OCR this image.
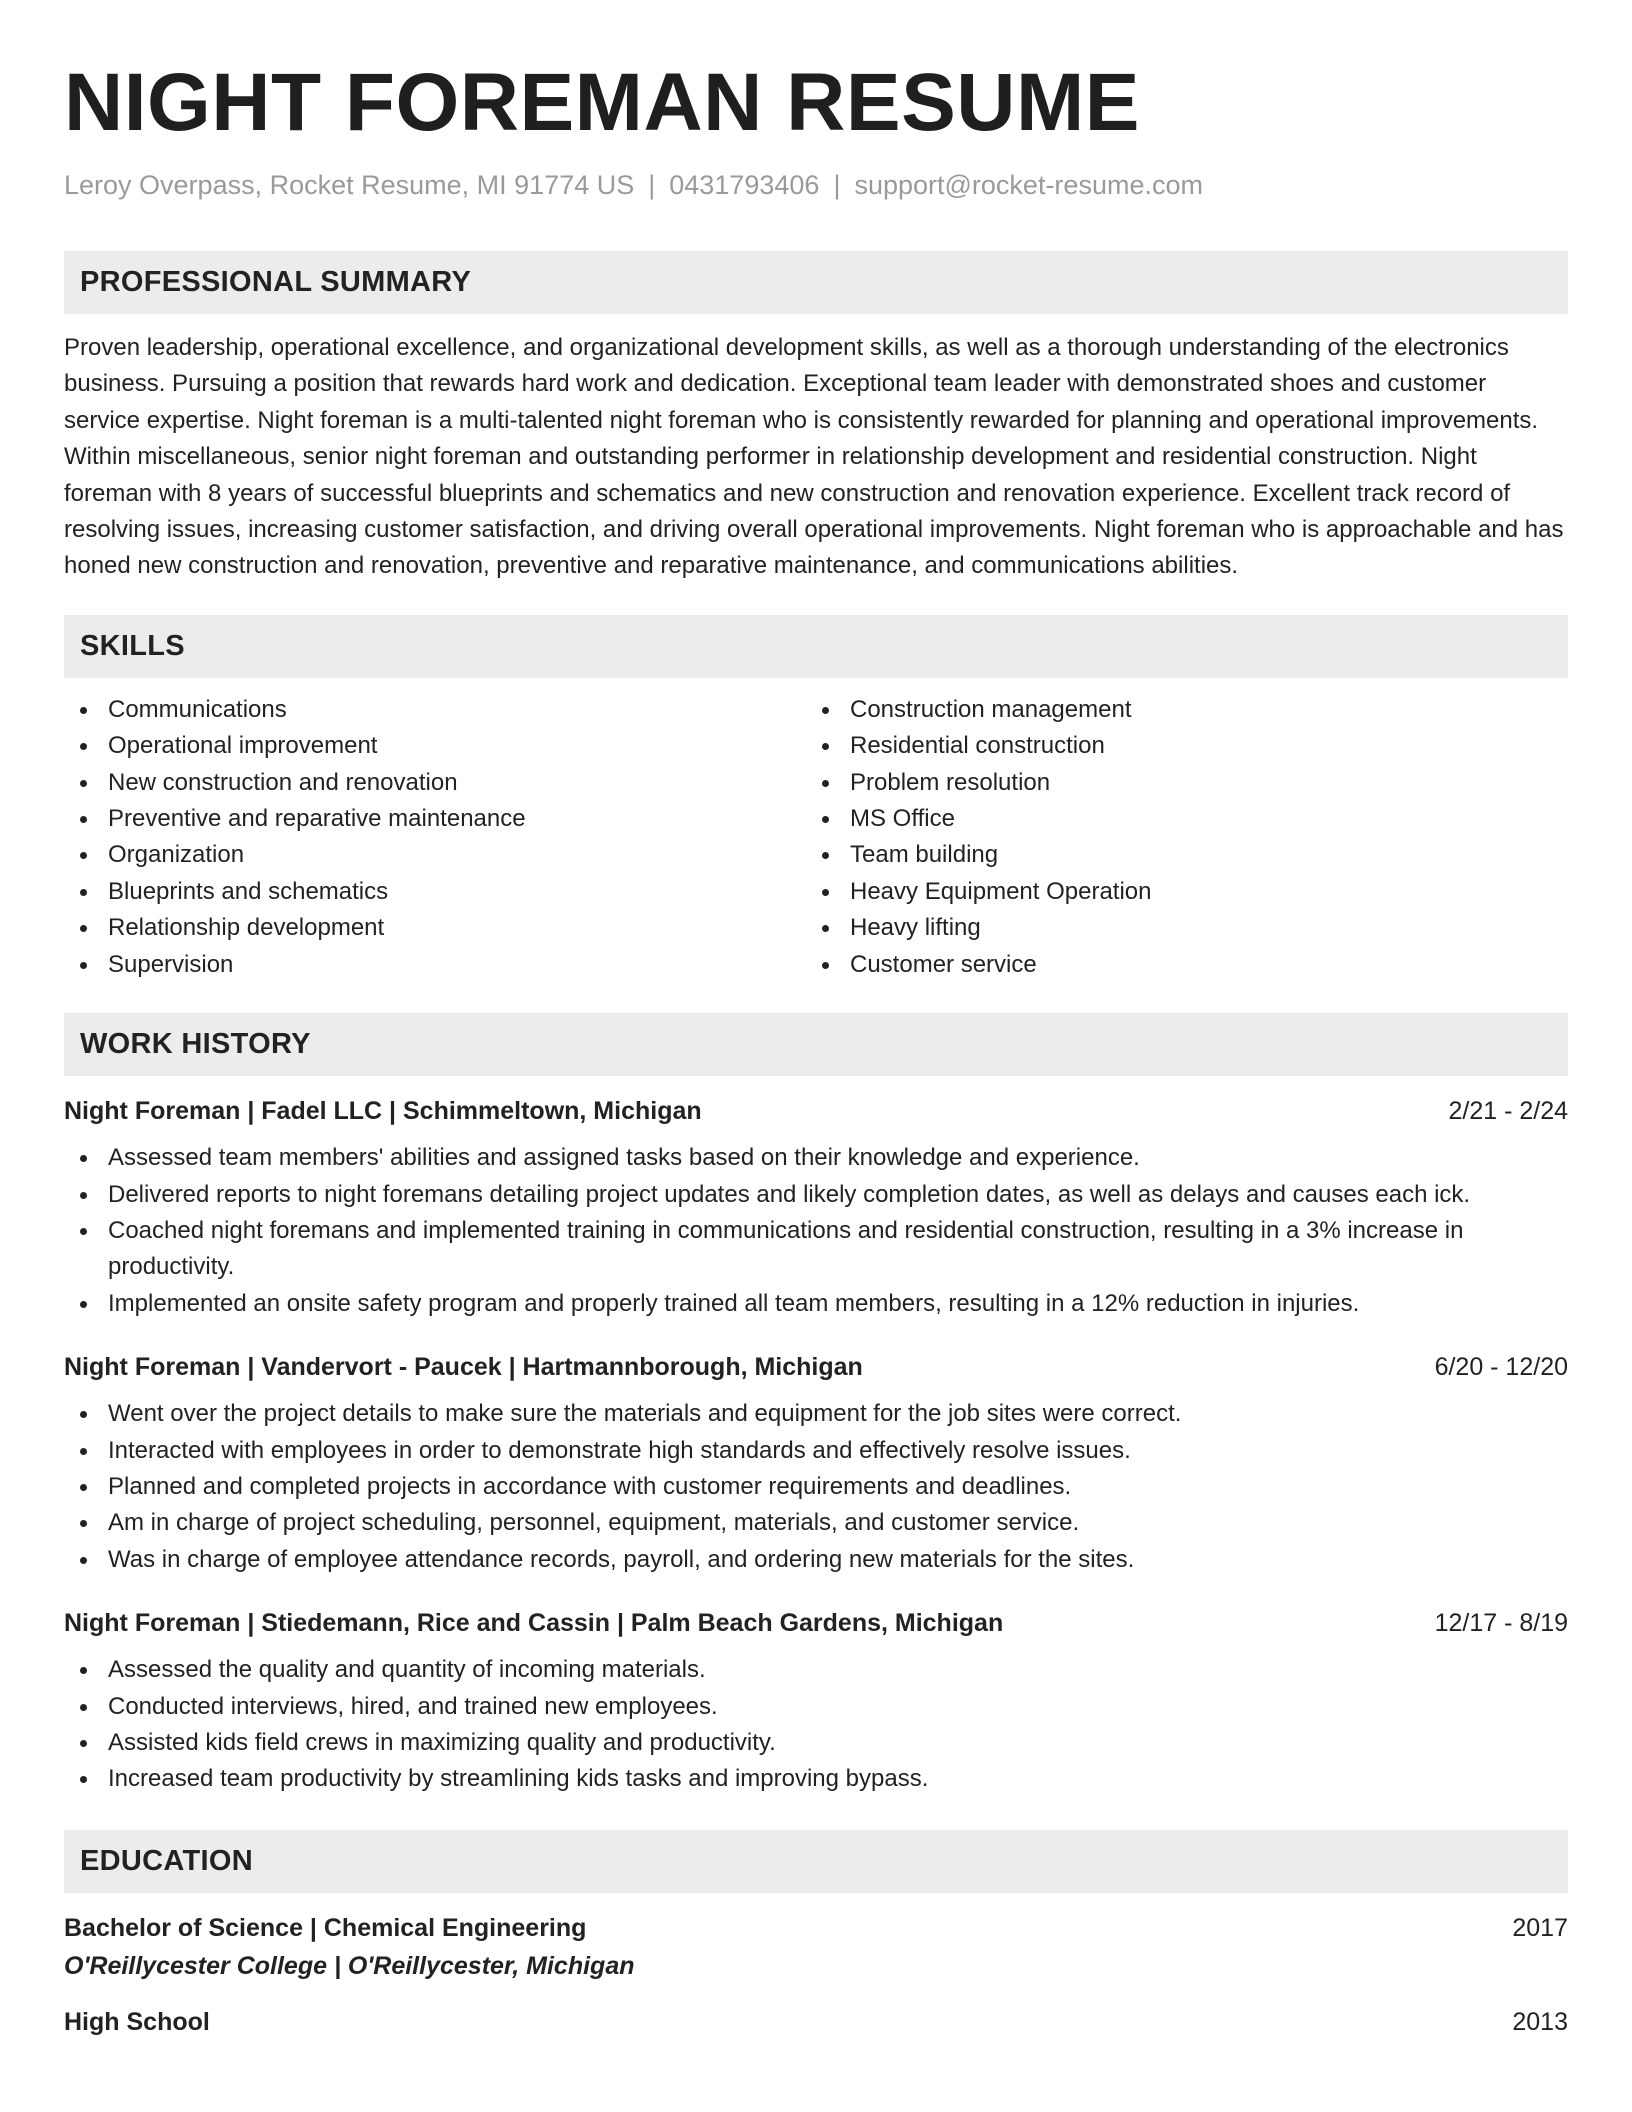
NIGHT FOREMAN RESUME
Leroy Overpass, Rocket Resume, MI 91774 US | 0431793406 | support@rocket-resume.com
PROFESSIONAL SUMMARY
Proven leadership, operational excellence, and organizational development skills, as well as a thorough understanding of the electronics business. Pursuing a position that rewards hard work and dedication. Exceptional team leader with demonstrated shoes and customer service expertise. Night foreman is a multi-talented night foreman who is consistently rewarded for planning and operational improvements. Within miscellaneous, senior night foreman and outstanding performer in relationship development and residential construction. Night foreman with 8 years of successful blueprints and schematics and new construction and renovation experience. Excellent track record of resolving issues, increasing customer satisfaction, and driving overall operational improvements. Night foreman who is approachable and has honed new construction and renovation, preventive and reparative maintenance, and communications abilities.
SKILLS
Communications
Operational improvement
New construction and renovation
Preventive and reparative maintenance
Organization
Blueprints and schematics
Relationship development
Supervision
Construction management
Residential construction
Problem resolution
MS Office
Team building
Heavy Equipment Operation
Heavy lifting
Customer service
WORK HISTORY
Night Foreman | Fadel LLC | Schimmeltown, Michigan	2/21 - 2/24
Assessed team members' abilities and assigned tasks based on their knowledge and experience.
Delivered reports to night foremans detailing project updates and likely completion dates, as well as delays and causes each ick.
Coached night foremans and implemented training in communications and residential construction, resulting in a 3% increase in productivity.
Implemented an onsite safety program and properly trained all team members, resulting in a 12% reduction in injuries.
Night Foreman | Vandervort - Paucek | Hartmannborough, Michigan	6/20 - 12/20
Went over the project details to make sure the materials and equipment for the job sites were correct.
Interacted with employees in order to demonstrate high standards and effectively resolve issues.
Planned and completed projects in accordance with customer requirements and deadlines.
Am in charge of project scheduling, personnel, equipment, materials, and customer service.
Was in charge of employee attendance records, payroll, and ordering new materials for the sites.
Night Foreman | Stiedemann, Rice and Cassin | Palm Beach Gardens, Michigan	12/17 - 8/19
Assessed the quality and quantity of incoming materials.
Conducted interviews, hired, and trained new employees.
Assisted kids field crews in maximizing quality and productivity.
Increased team productivity by streamlining kids tasks and improving bypass.
EDUCATION
Bachelor of Science | Chemical Engineering	2017
O'Reillycester College | O'Reillycester, Michigan
High School	2013
